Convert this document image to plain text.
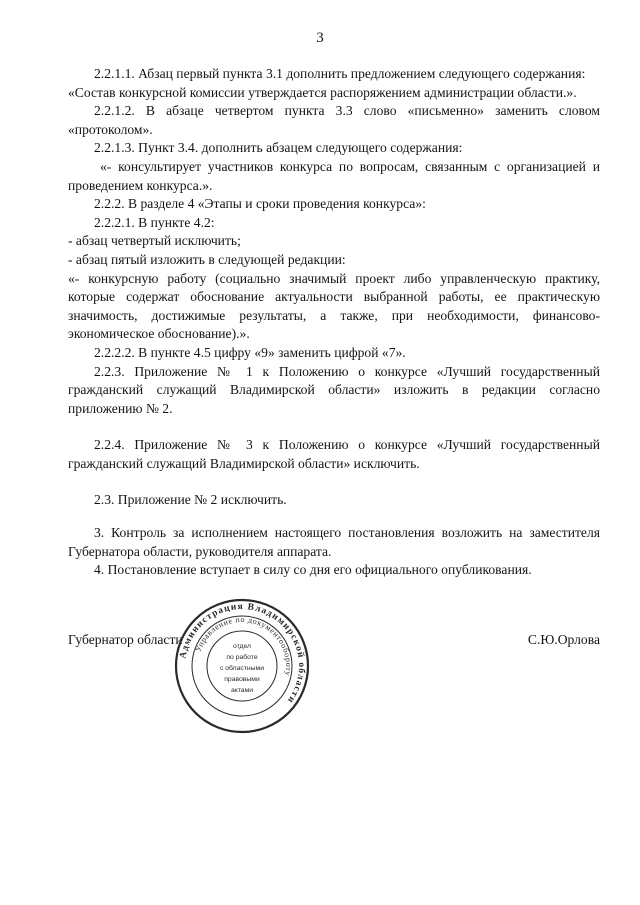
3

2.2.1.1. Абзац первый пункта 3.1 дополнить предложением следующего содержания:

«Состав конкурсной комиссии утверждается распоряжением администрации области.».

2.2.1.2. В абзаце четвертом пункта 3.3 слово «письменно» заменить словом «протоколом».

2.2.1.3. Пункт 3.4. дополнить абзацем следующего содержания:

«- консультирует участников конкурса по вопросам, связанным с организацией и проведением конкурса.».

2.2.2. В разделе 4 «Этапы и сроки проведения конкурса»:

2.2.2.1. В пункте 4.2:

- абзац четвертый исключить;

- абзац пятый изложить в следующей редакции:

«- конкурсную работу (социально значимый проект либо управленческую практику, которые содержат обоснование актуальности выбранной работы, ее практическую значимость, достижимые результаты, а также, при необходимости, финансово-экономическое обоснование).».

2.2.2.2. В пункте 4.5 цифру «9» заменить цифрой «7».

2.2.3. Приложение № 1 к Положению о конкурсе «Лучший государственный гражданский служащий Владимирской области» изложить в редакции согласно приложению № 2.

2.2.4. Приложение № 3 к Положению о конкурсе «Лучший государственный гражданский служащий Владимирской области» исключить.

2.3. Приложение № 2 исключить.

3. Контроль за исполнением настоящего постановления возложить на заместителя Губернатора области, руководителя аппарата.

4. Постановление вступает в силу со дня его официального опубликования.

Губернатор области	С.Ю.Орлова
Администрация Владимирской области
Управление по документообороту
отдел
по работе
с областными
правовыми
актами
